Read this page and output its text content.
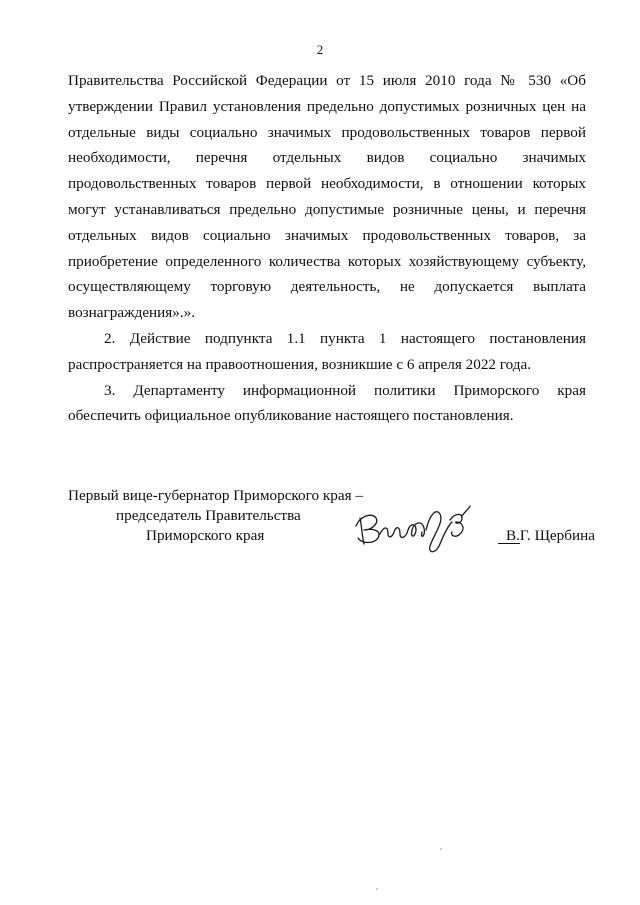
2

Правительства Российской Федерации от 15 июля 2010 года № 530 «Об
утверждении Правил установления предельно допустимых розничных цен на
отдельные виды социально значимых продовольственных товаров первой
необходимости, перечня отдельных видов социально значимых
продовольственных товаров первой необходимости, в отношении которых
могут устанавливаться предельно допустимые розничные цены, и перечня
отдельных видов социально значимых продовольственных товаров, за
приобретение определенного количества которых хозяйствующему субъекту,
осуществляющему торговую деятельность, не допускается выплата
вознаграждения».».

2. Действие подпункта 1.1 пункта 1 настоящего постановления
распространяется на правоотношения, возникшие с 6 апреля 2022 года.

3. Департаменту информационной политики Приморского края
обеспечить официальное опубликование настоящего постановления.

Первый вице-губернатор Приморского края –
председатель Правительства
Приморского края	В.Г. Щербина
